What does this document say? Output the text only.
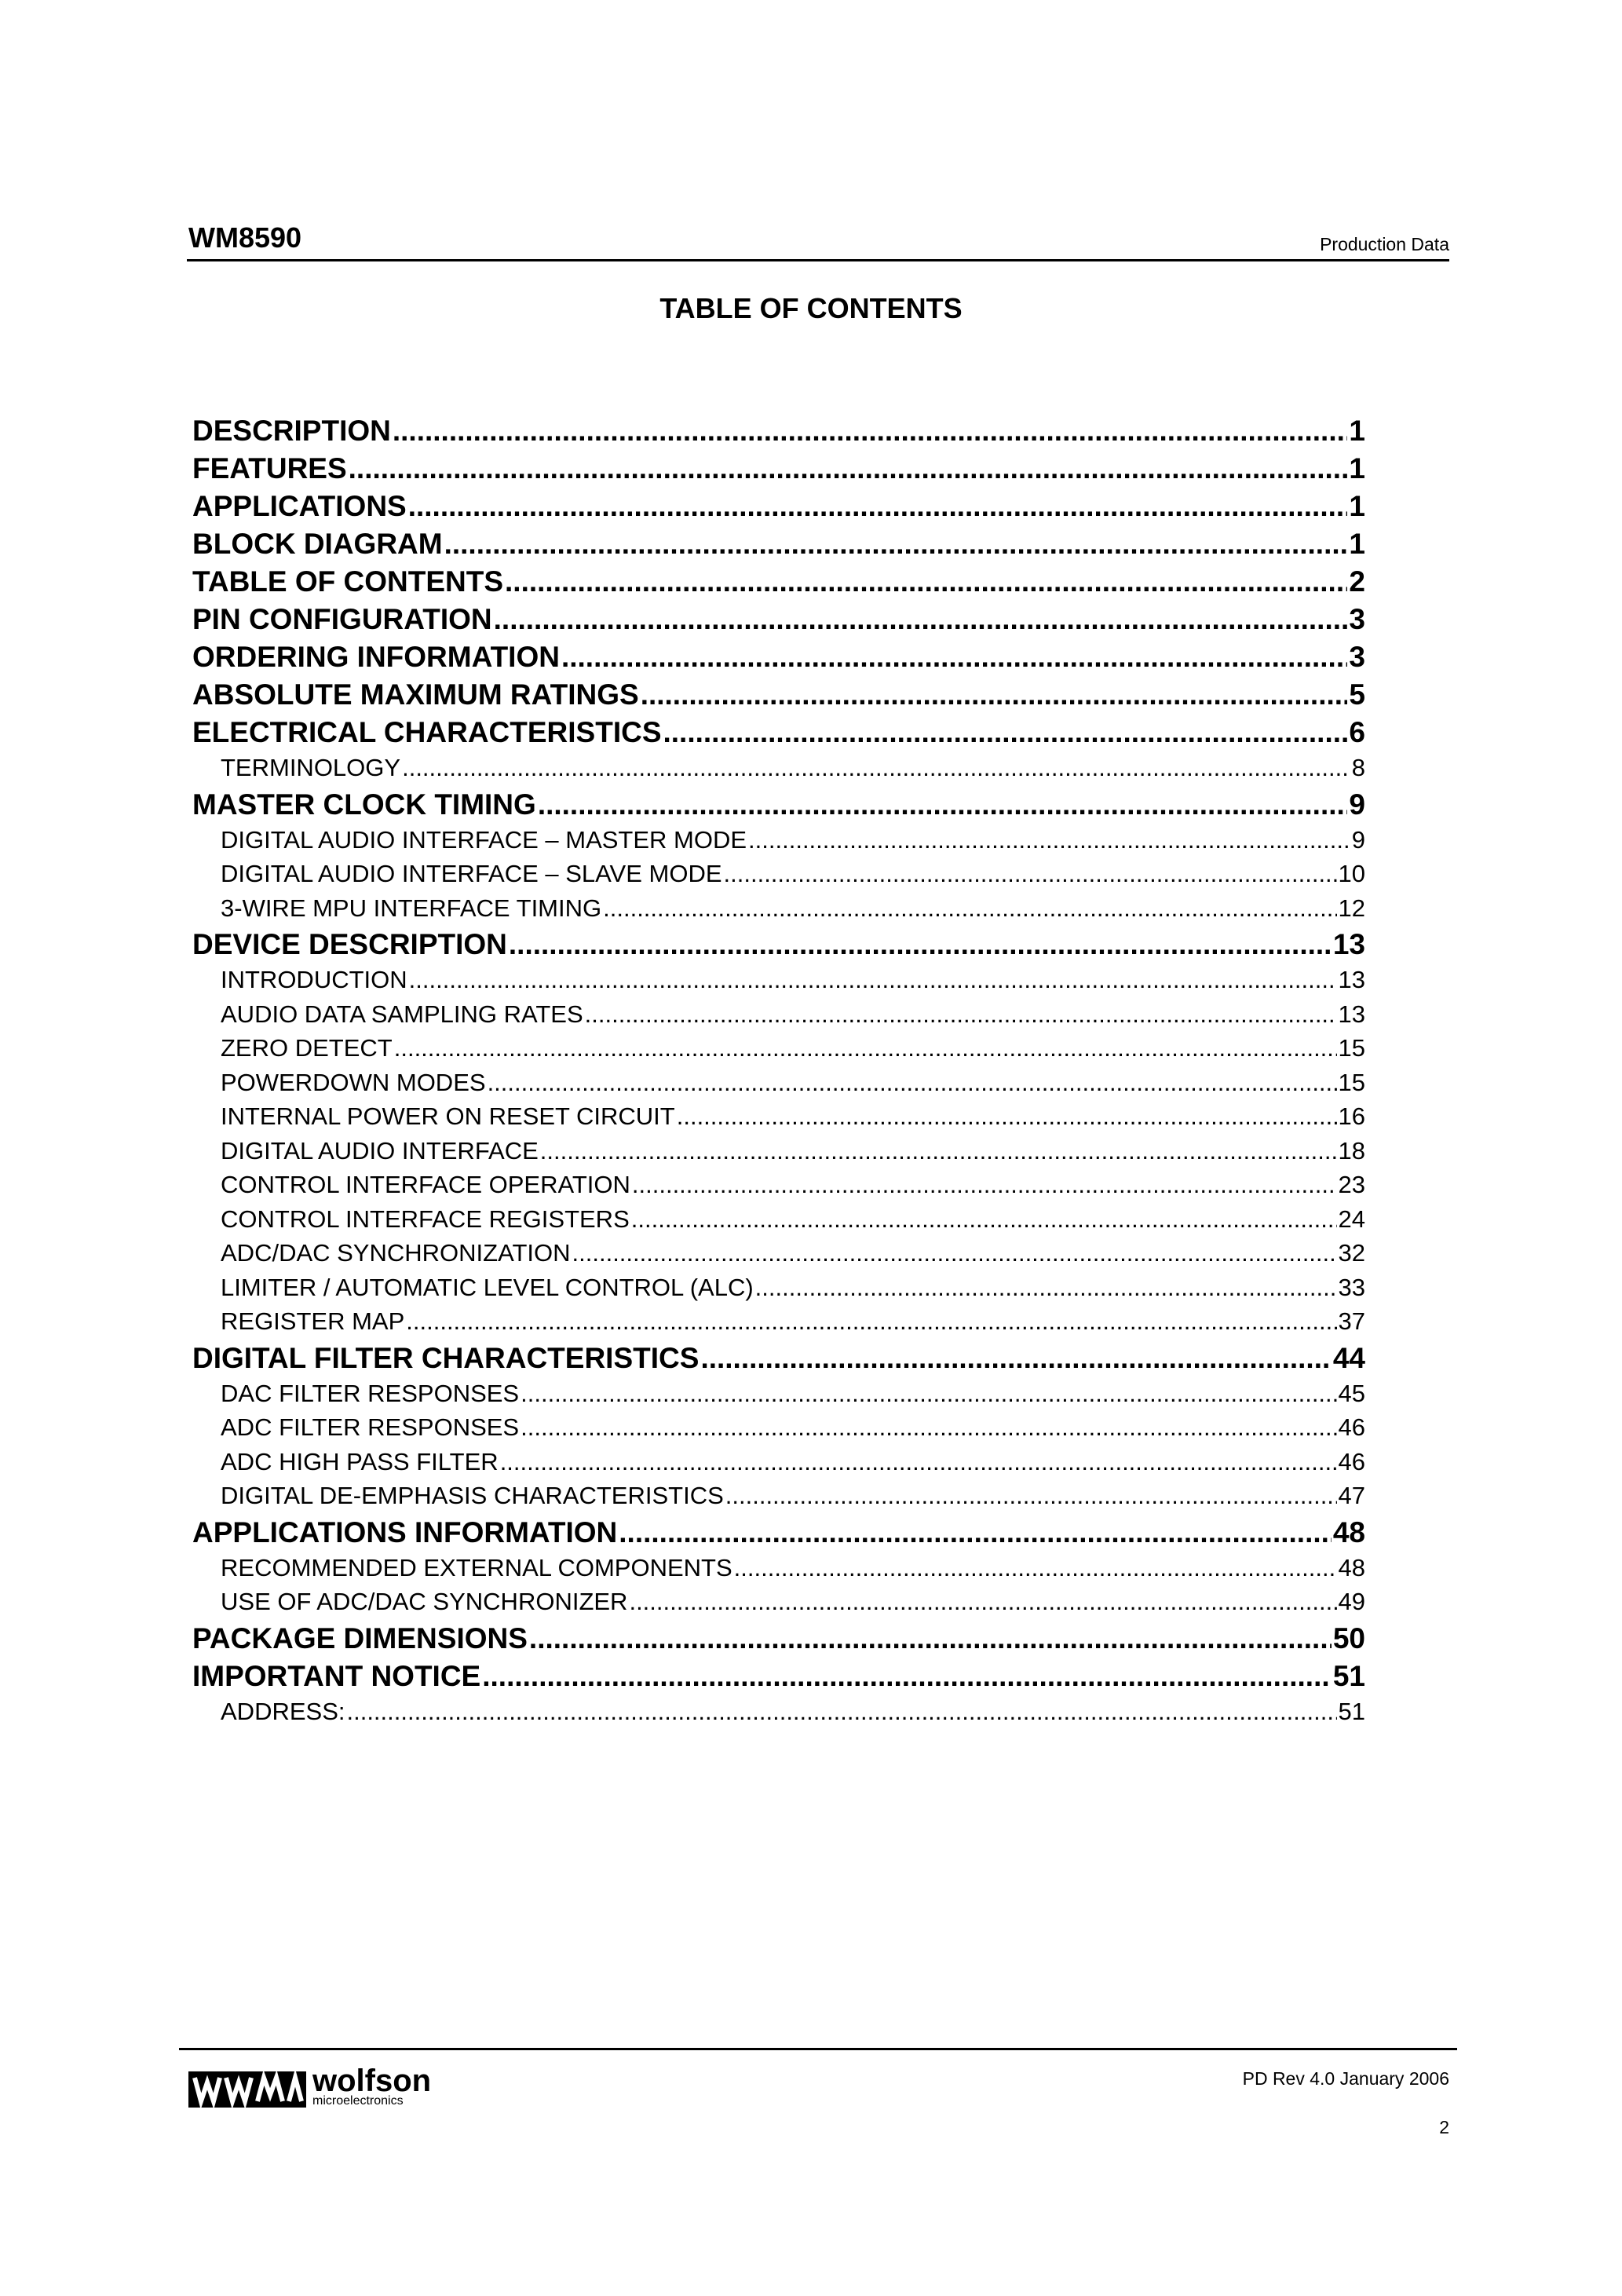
WM8590	Production Data
TABLE OF CONTENTS
DESCRIPTION .....	1
FEATURES .....	1
APPLICATIONS .....	1
BLOCK DIAGRAM .....	1
TABLE OF CONTENTS .....	2
PIN CONFIGURATION .....	3
ORDERING INFORMATION .....	3
ABSOLUTE MAXIMUM RATINGS .....	5
ELECTRICAL CHARACTERISTICS .....	6
TERMINOLOGY .....	8
MASTER CLOCK TIMING .....	9
DIGITAL AUDIO INTERFACE – MASTER MODE .....	9
DIGITAL AUDIO INTERFACE – SLAVE MODE .....	10
3-WIRE MPU INTERFACE TIMING .....	12
DEVICE DESCRIPTION .....	13
INTRODUCTION .....	13
AUDIO DATA SAMPLING RATES .....	13
ZERO DETECT .....	15
POWERDOWN MODES .....	15
INTERNAL POWER ON RESET CIRCUIT .....	16
DIGITAL AUDIO INTERFACE .....	18
CONTROL INTERFACE OPERATION .....	23
CONTROL INTERFACE REGISTERS .....	24
ADC/DAC SYNCHRONIZATION .....	32
LIMITER / AUTOMATIC LEVEL CONTROL (ALC) .....	33
REGISTER MAP .....	37
DIGITAL FILTER CHARACTERISTICS .....	44
DAC FILTER RESPONSES .....	45
ADC FILTER RESPONSES .....	46
ADC HIGH PASS FILTER .....	46
DIGITAL DE-EMPHASIS CHARACTERISTICS .....	47
APPLICATIONS INFORMATION .....	48
RECOMMENDED EXTERNAL COMPONENTS .....	48
USE OF ADC/DAC SYNCHRONIZER .....	49
PACKAGE DIMENSIONS .....	50
IMPORTANT NOTICE .....	51
ADDRESS: .....	51
wolfson
microelectronics
PD Rev 4.0 January 2006
2
